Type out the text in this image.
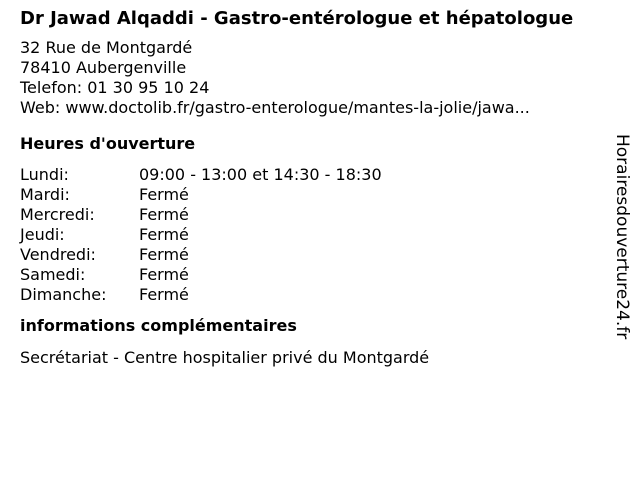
Dr Jawad Alqaddi - Gastro-entérologue et hépatologue
32 Rue de Montgardé
78410 Aubergenville
Telefon: 01 30 95 10 24
Web: www.doctolib.fr/gastro-enterologue/mantes-la-jolie/jawa...
Heures d'ouverture
Lundi:	09:00 - 13:00 et 14:30 - 18:30
Mardi:	Fermé
Mercredi:	Fermé
Jeudi:	Fermé
Vendredi:	Fermé
Samedi:	Fermé
Dimanche:	Fermé
informations complémentaires
Secrétariat - Centre hospitalier privé du Montgardé
Horairesdouverture24.fr
